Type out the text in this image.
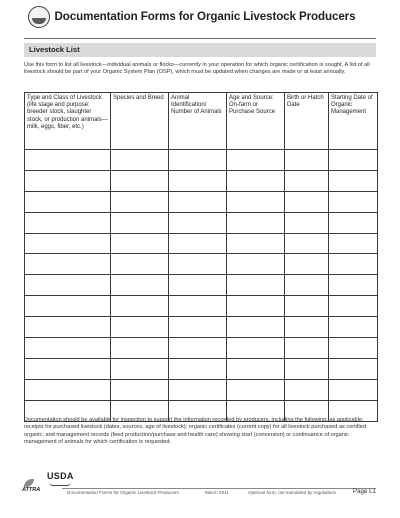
Documentation Forms for Organic Livestock Producers
Livestock List

Use this form to list all livestock—individual animals or flocks—currently in your operation for which organic certification is sought. A list of all livestock should be part of your Organic System Plan (OSP), which must be updated when changes are made or at least annually.

Type and Class of Livestock (life stage and purpose: breeder stock, slaughter stock, or production animals—milk, eggs, fiber, etc.)	Species and Breed	Animal Identification/ Number of Animals	Age and Source: On-farm or Purchase Source	Birth or Hatch Date	Starting Date of Organic Management

Documentation should be available for inspection to support the information recorded by producers, including the following, as applicable: receipts for purchased livestock (dates, sources, age of livestock); organic certificates (current copy) for all livestock purchased as certified organic; and management records (feed production/purchase and health care) showing start (conversion) or continuance of organic management of animals for which certification is requested.

ATTRA
USDA
Documentation Forms for Organic Livestock Producers	March 2011	Optional form, not mandated by regulations	Page L1
